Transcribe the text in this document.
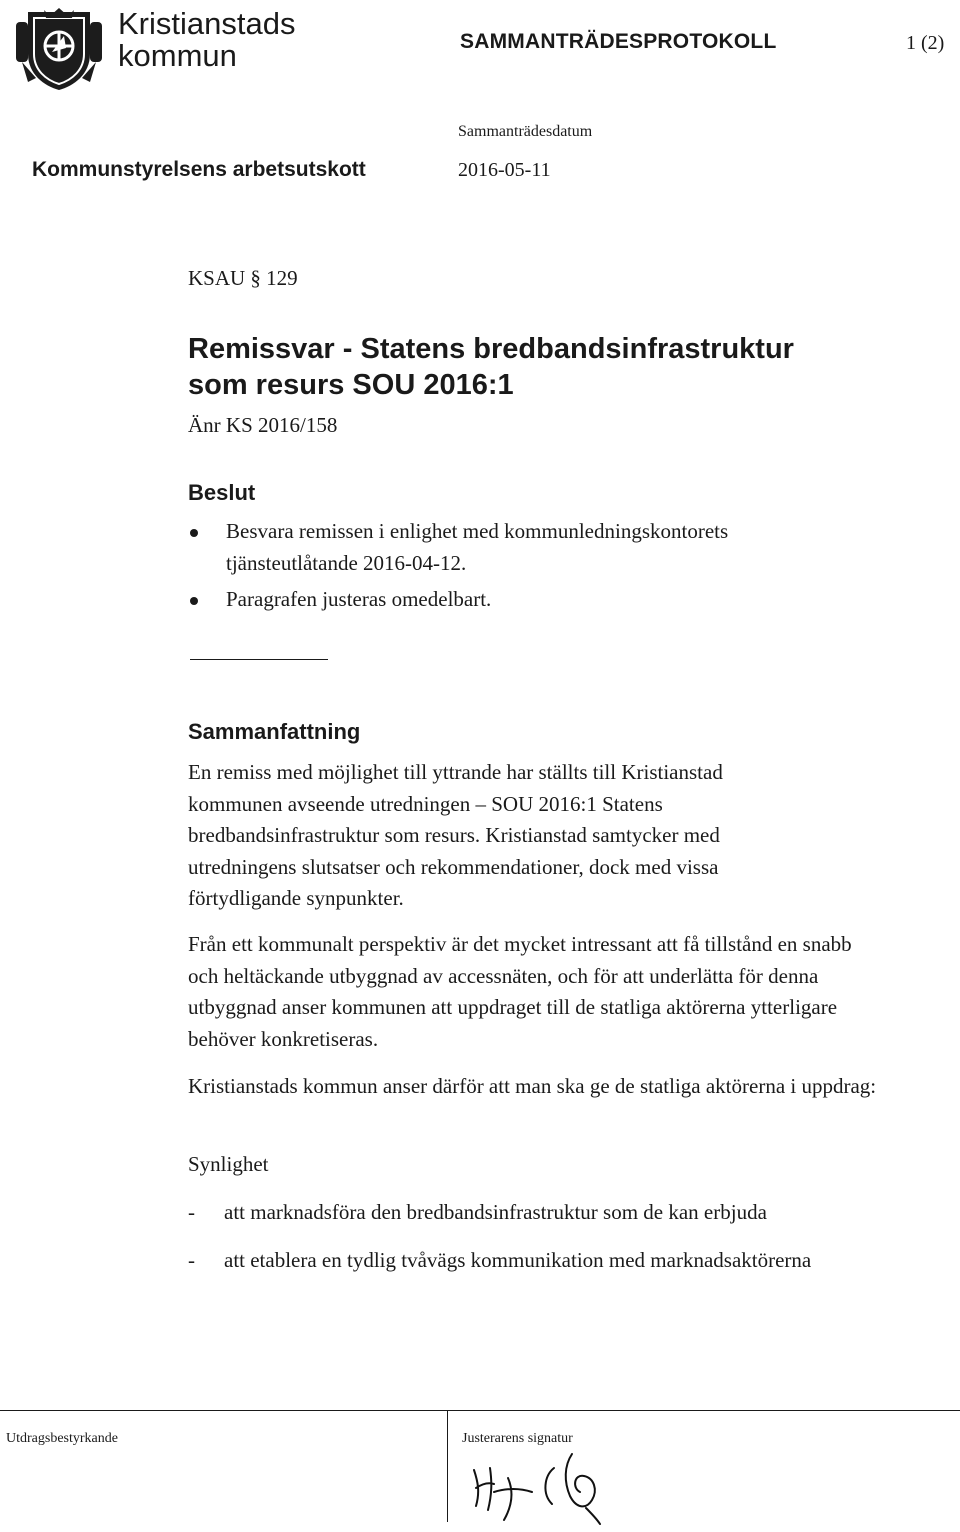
Kristianstads
kommun	SAMMANTRÄDESPROTOKOLL	1 (2)
Sammanträdesdatum
Kommunstyrelsens arbetsutskott	2016-05-11
KSAU § 129
Remissvar - Statens bredbandsinfrastruktur
som resurs SOU 2016:1
Änr KS 2016/158
Beslut
Besvara remissen i enlighet med kommunledningskontorets tjänsteutlåtande 2016-04-12.
Paragrafen justeras omedelbart.
Sammanfattning
En remiss med möjlighet till yttrande har ställts till Kristianstad kommunen avseende utredningen – SOU 2016:1 Statens bredbandsinfrastruktur som resurs. Kristianstad samtycker med utredningens slutsatser och rekommendationer, dock med vissa förtydligande synpunkter.
Från ett kommunalt perspektiv är det mycket intressant att få tillstånd en snabb och heltäckande utbyggnad av accessnäten, och för att underlätta för denna utbyggnad anser kommunen att uppdraget till de statliga aktörerna ytterligare behöver konkretiseras.
Kristianstads kommun anser därför att man ska ge de statliga aktörerna i uppdrag:
Synlighet
- att marknadsföra den bredbandsinfrastruktur som de kan erbjuda
- att etablera en tydlig tvåvägs kommunikation med marknadsaktörerna
Utdragsbestyrkande	Justerarens signatur
